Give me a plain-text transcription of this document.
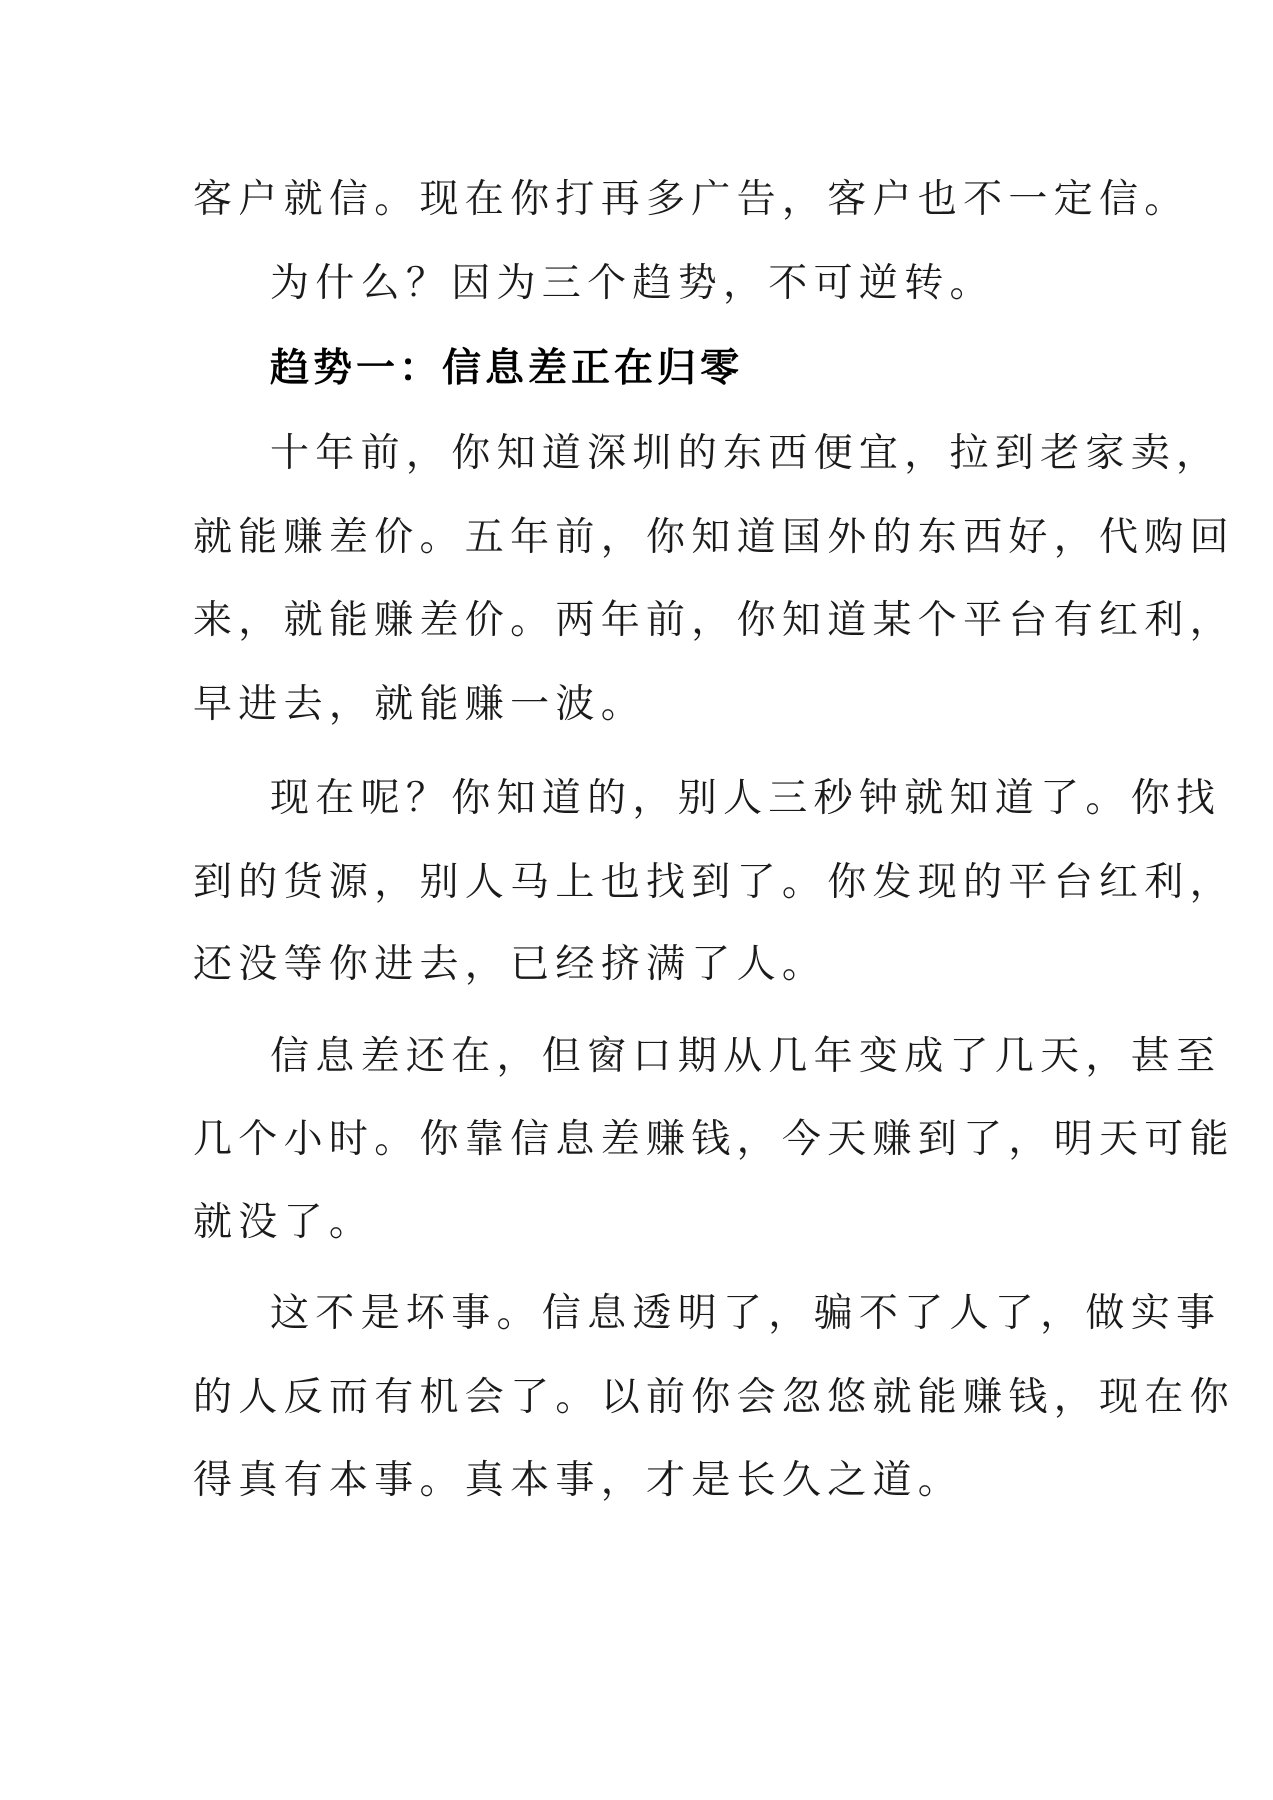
客户就信。现在你打再多广告，客户也不一定信。

为什么？因为三个趋势，不可逆转。

趋势一：信息差正在归零

十年前，你知道深圳的东西便宜，拉到老家卖，

就能赚差价。五年前，你知道国外的东西好，代购回

来，就能赚差价。两年前，你知道某个平台有红利，

早进去，就能赚一波。

现在呢？你知道的，别人三秒钟就知道了。你找

到的货源，别人马上也找到了。你发现的平台红利，

还没等你进去，已经挤满了人。

信息差还在，但窗口期从几年变成了几天，甚至

几个小时。你靠信息差赚钱，今天赚到了，明天可能

就没了。

这不是坏事。信息透明了，骗不了人了，做实事

的人反而有机会了。以前你会忽悠就能赚钱，现在你

得真有本事。真本事，才是长久之道。
